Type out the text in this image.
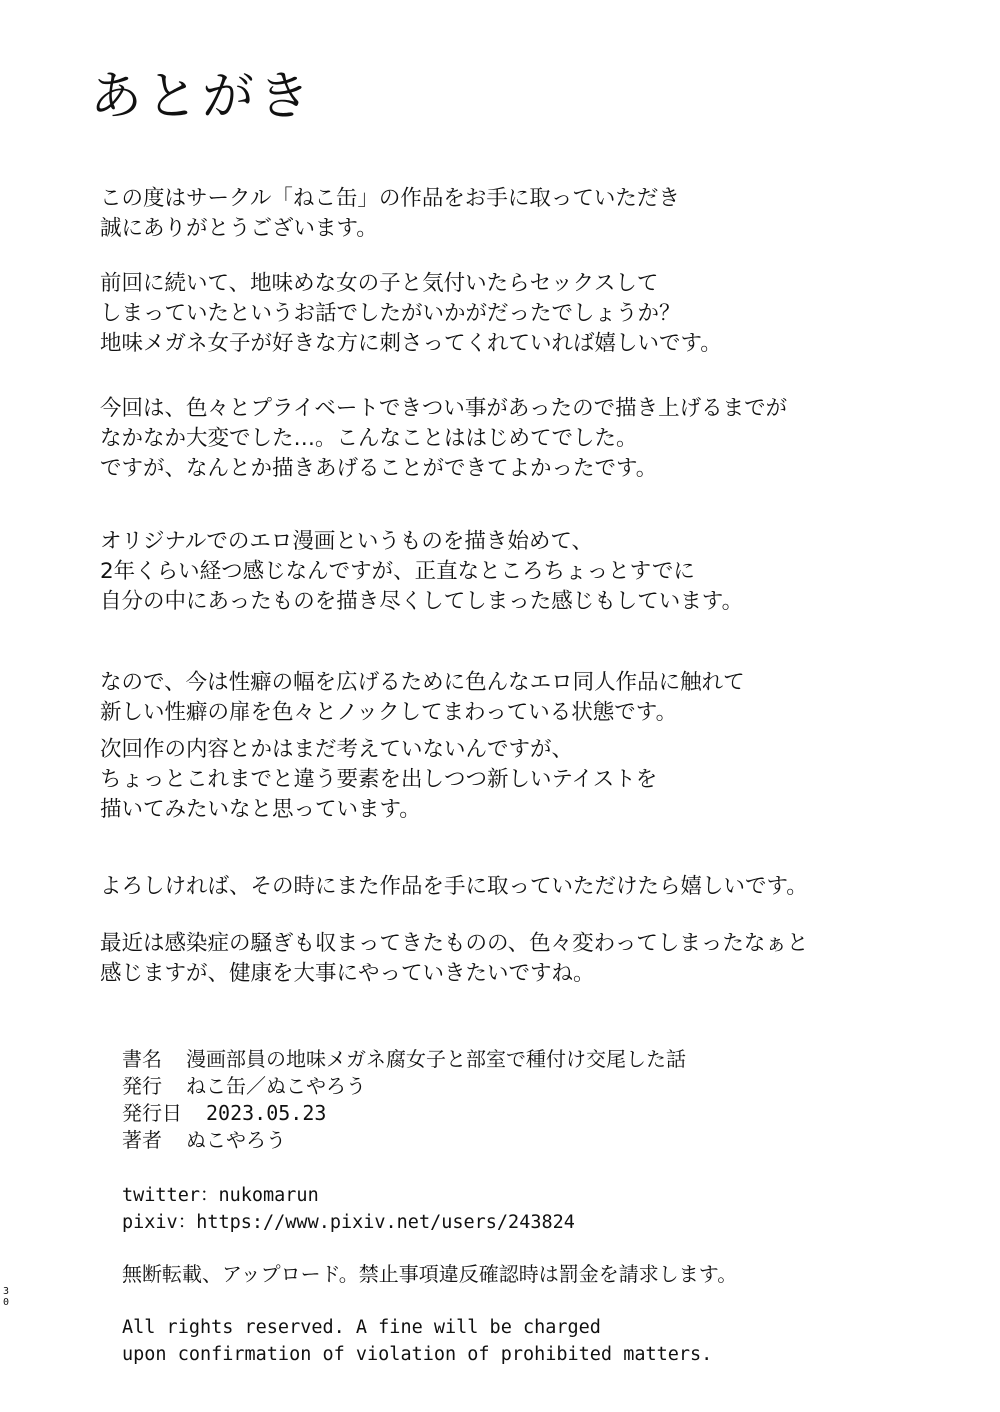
あとがき
この度はサークル「ねこ缶」の作品をお手に取っていただき
誠にありがとうございます。
前回に続いて、地味めな女の子と気付いたらセックスして
しまっていたというお話でしたがいかがだったでしょうか？
地味メガネ女子が好きな方に刺さってくれていれば嬉しいです。
今回は、色々とプライベートできつい事があったので描き上げるまでが
なかなか大変でした…。こんなことははじめてでした。
ですが、なんとか描きあげることができてよかったです。
オリジナルでのエロ漫画というものを描き始めて、
2年くらい経つ感じなんですが、正直なところちょっとすでに
自分の中にあったものを描き尽くしてしまった感じもしています。
なので、今は性癖の幅を広げるために色んなエロ同人作品に触れて
新しい性癖の扉を色々とノックしてまわっている状態です。
次回作の内容とかはまだ考えていないんですが、
ちょっとこれまでと違う要素を出しつつ新しいテイストを
描いてみたいなと思っています。
よろしければ、その時にまた作品を手に取っていただけたら嬉しいです。
最近は感染症の騒ぎも収まってきたものの、色々変わってしまったなぁと
感じますが、健康を大事にやっていきたいですね。
書名	漫画部員の地味メガネ腐女子と部室で種付け交尾した話
発行	ねこ缶／ぬこやろう
発行日	2023.05.23
著者	ぬこやろう
twitter：nukomarun
pixiv：https://www.pixiv.net/users/243824
無断転載、アップロード。禁止事項違反確認時は罰金を請求します。
All rights reserved. A fine will be charged
upon confirmation of violation of prohibited matters.
30
